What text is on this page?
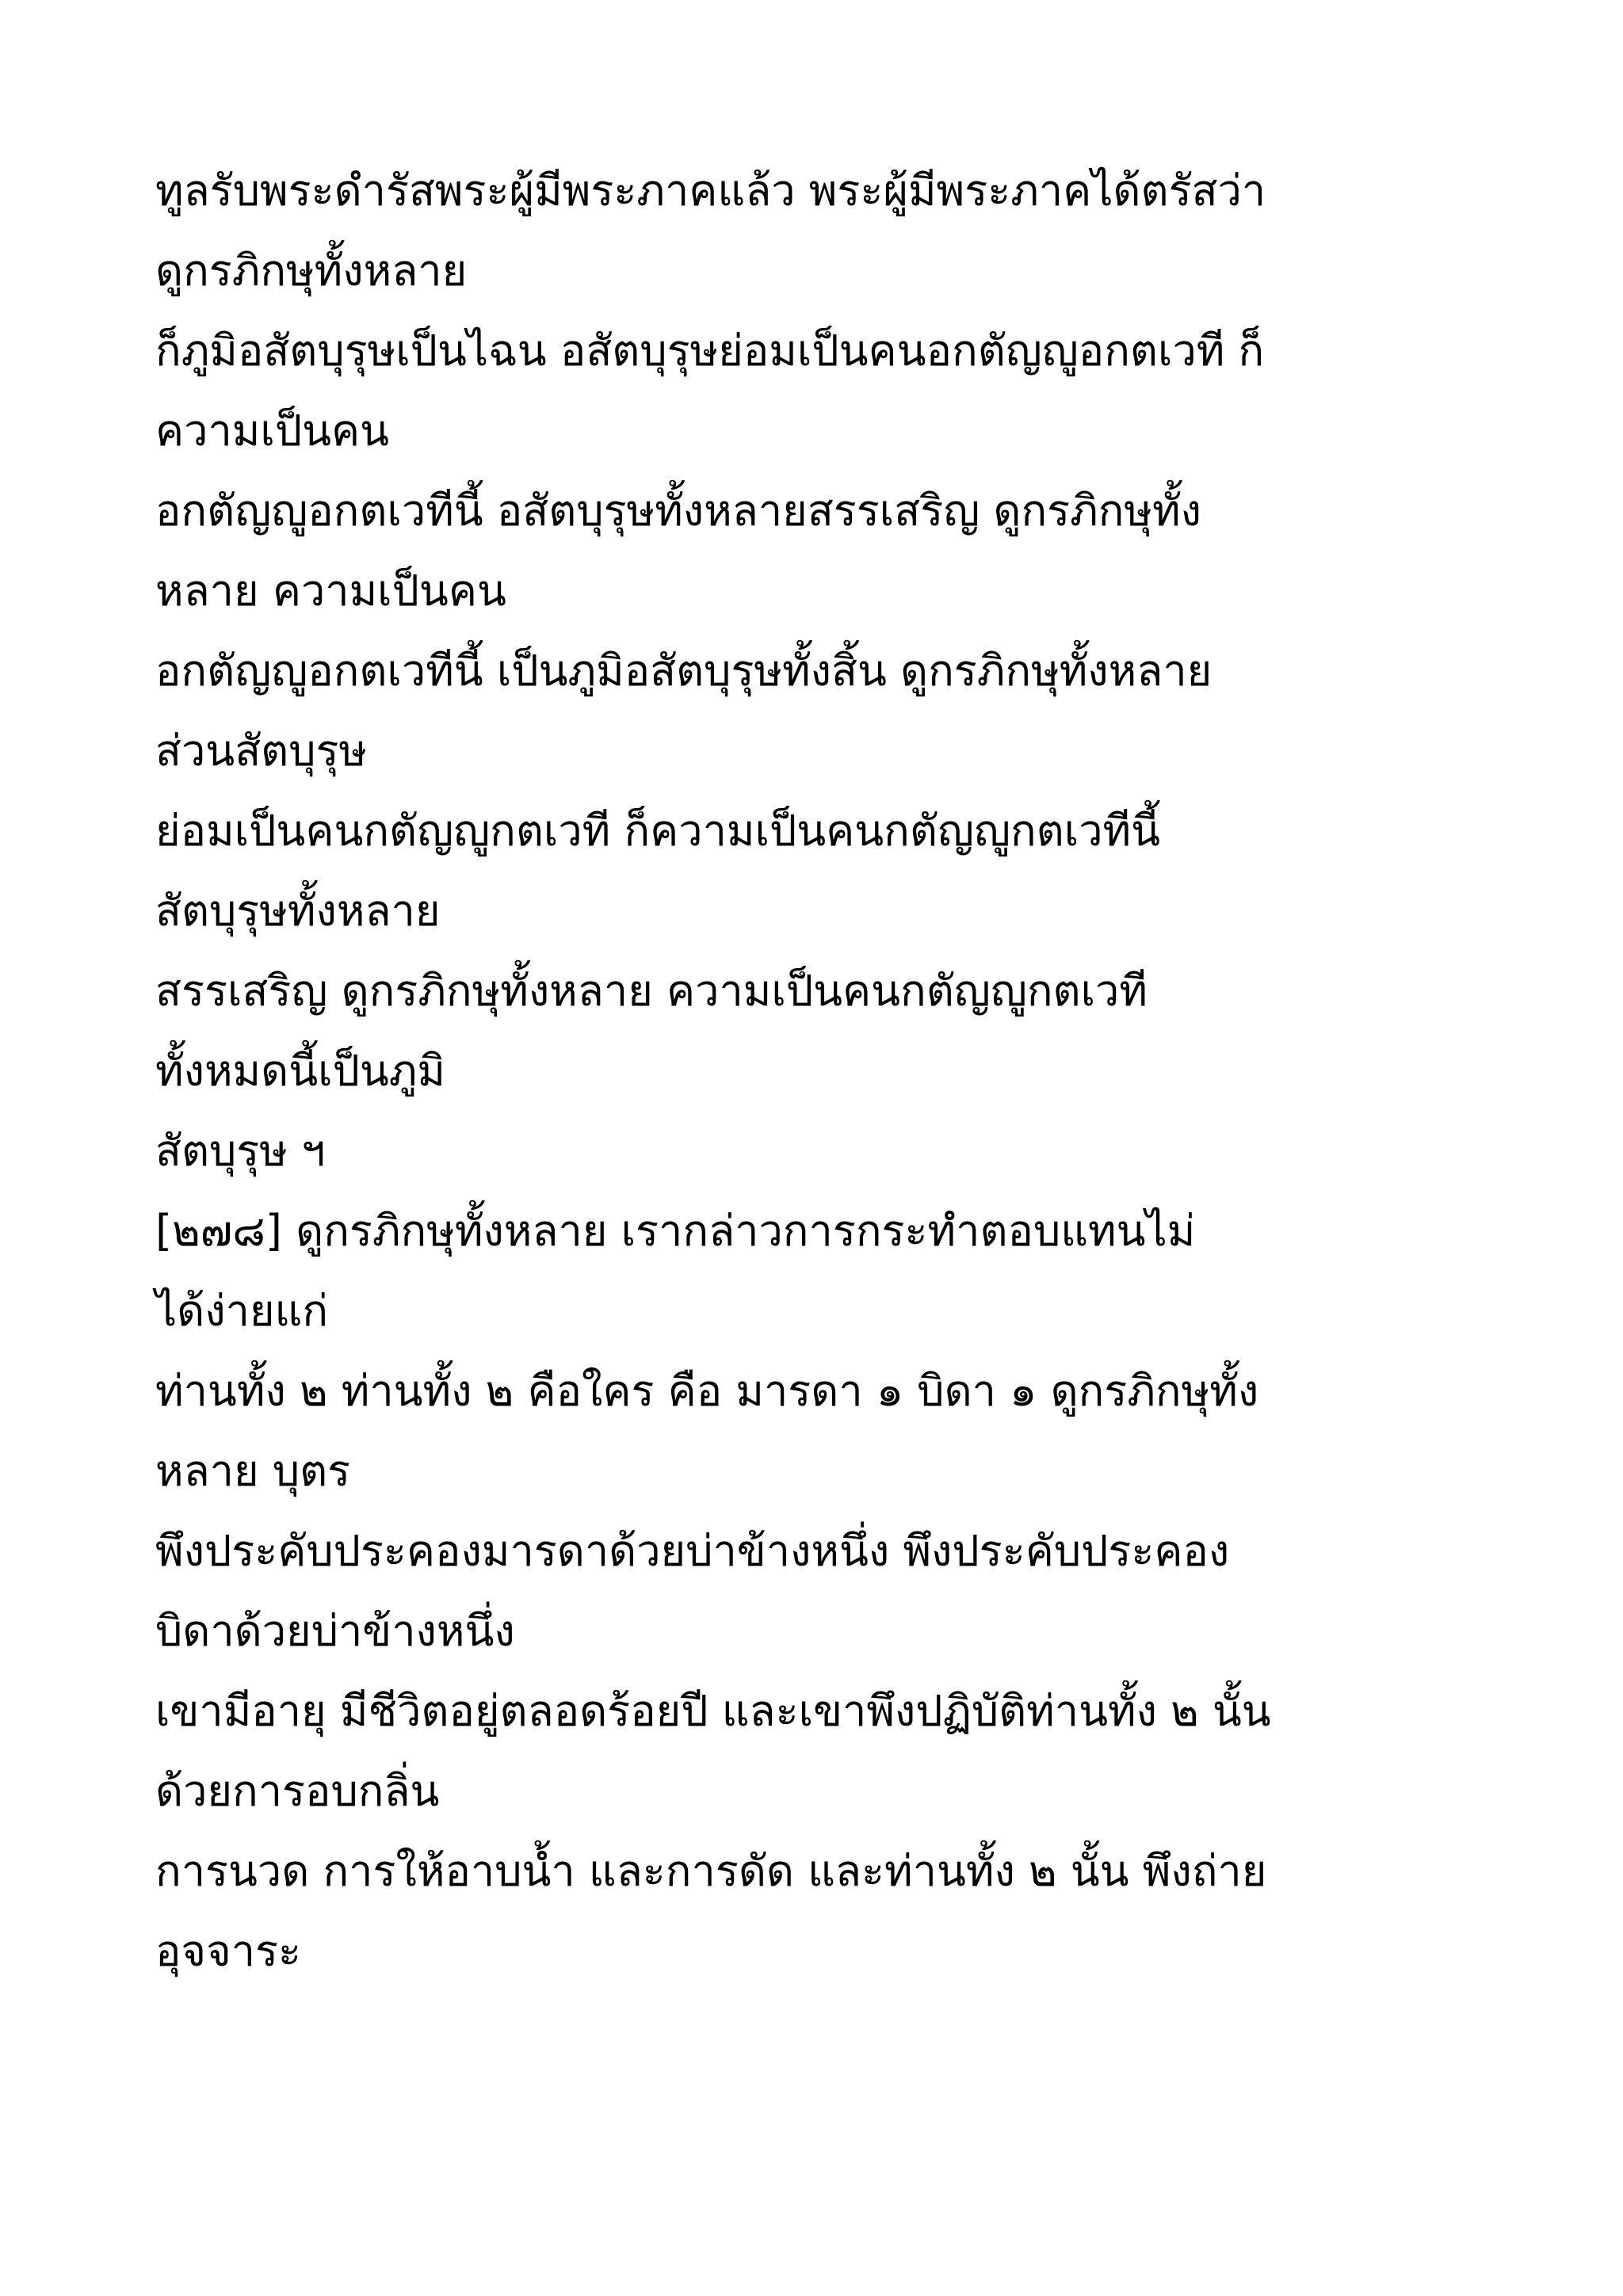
ทูลรับพระดำรัสพระผู้มีพระภาคแล้ว พระผู้มีพระภาคได้ตรัสว่า
ดูกรภิกษุทั้งหลาย
ก็ภูมิอสัตบุรุษเป็นไฉน อสัตบุรุษย่อมเป็นคนอกตัญญูอกตเวที ก็
ความเป็นคน
อกตัญญูอกตเวทีนี้ อสัตบุรุษทั้งหลายสรรเสริญ ดูกรภิกษุทั้ง
หลาย ความเป็นคน
อกตัญญูอกตเวทีนี้ เป็นภูมิอสัตบุรุษทั้งสิ้น ดูกรภิกษุทั้งหลาย
ส่วนสัตบุรุษ
ย่อมเป็นคนกตัญญูกตเวที ก็ความเป็นคนกตัญญูกตเวทีนี้
สัตบุรุษทั้งหลาย
สรรเสริญ ดูกรภิกษุทั้งหลาย ความเป็นคนกตัญญูกตเวที
ทั้งหมดนี้เป็นภูมิ
สัตบุรุษ ฯ
[๒๗๘] ดูกรภิกษุทั้งหลาย เรากล่าวการกระทำตอบแทนไม่
ได้ง่ายแก่
ท่านทั้ง ๒ ท่านทั้ง ๒ คือใคร คือ มารดา ๑ บิดา ๑ ดูกรภิกษุทั้ง
หลาย บุตร
พึงประคับประคองมารดาด้วยบ่าข้างหนึ่ง พึงประคับประคอง
บิดาด้วยบ่าข้างหนึ่ง
เขามีอายุ มีชีวิตอยู่ตลอดร้อยปี และเขาพึงปฏิบัติท่านทั้ง ๒ นั้น
ด้วยการอบกลิ่น
การนวด การให้อาบน้ำ และการดัด และท่านทั้ง ๒ นั้น พึงถ่าย
อุจจาระ
